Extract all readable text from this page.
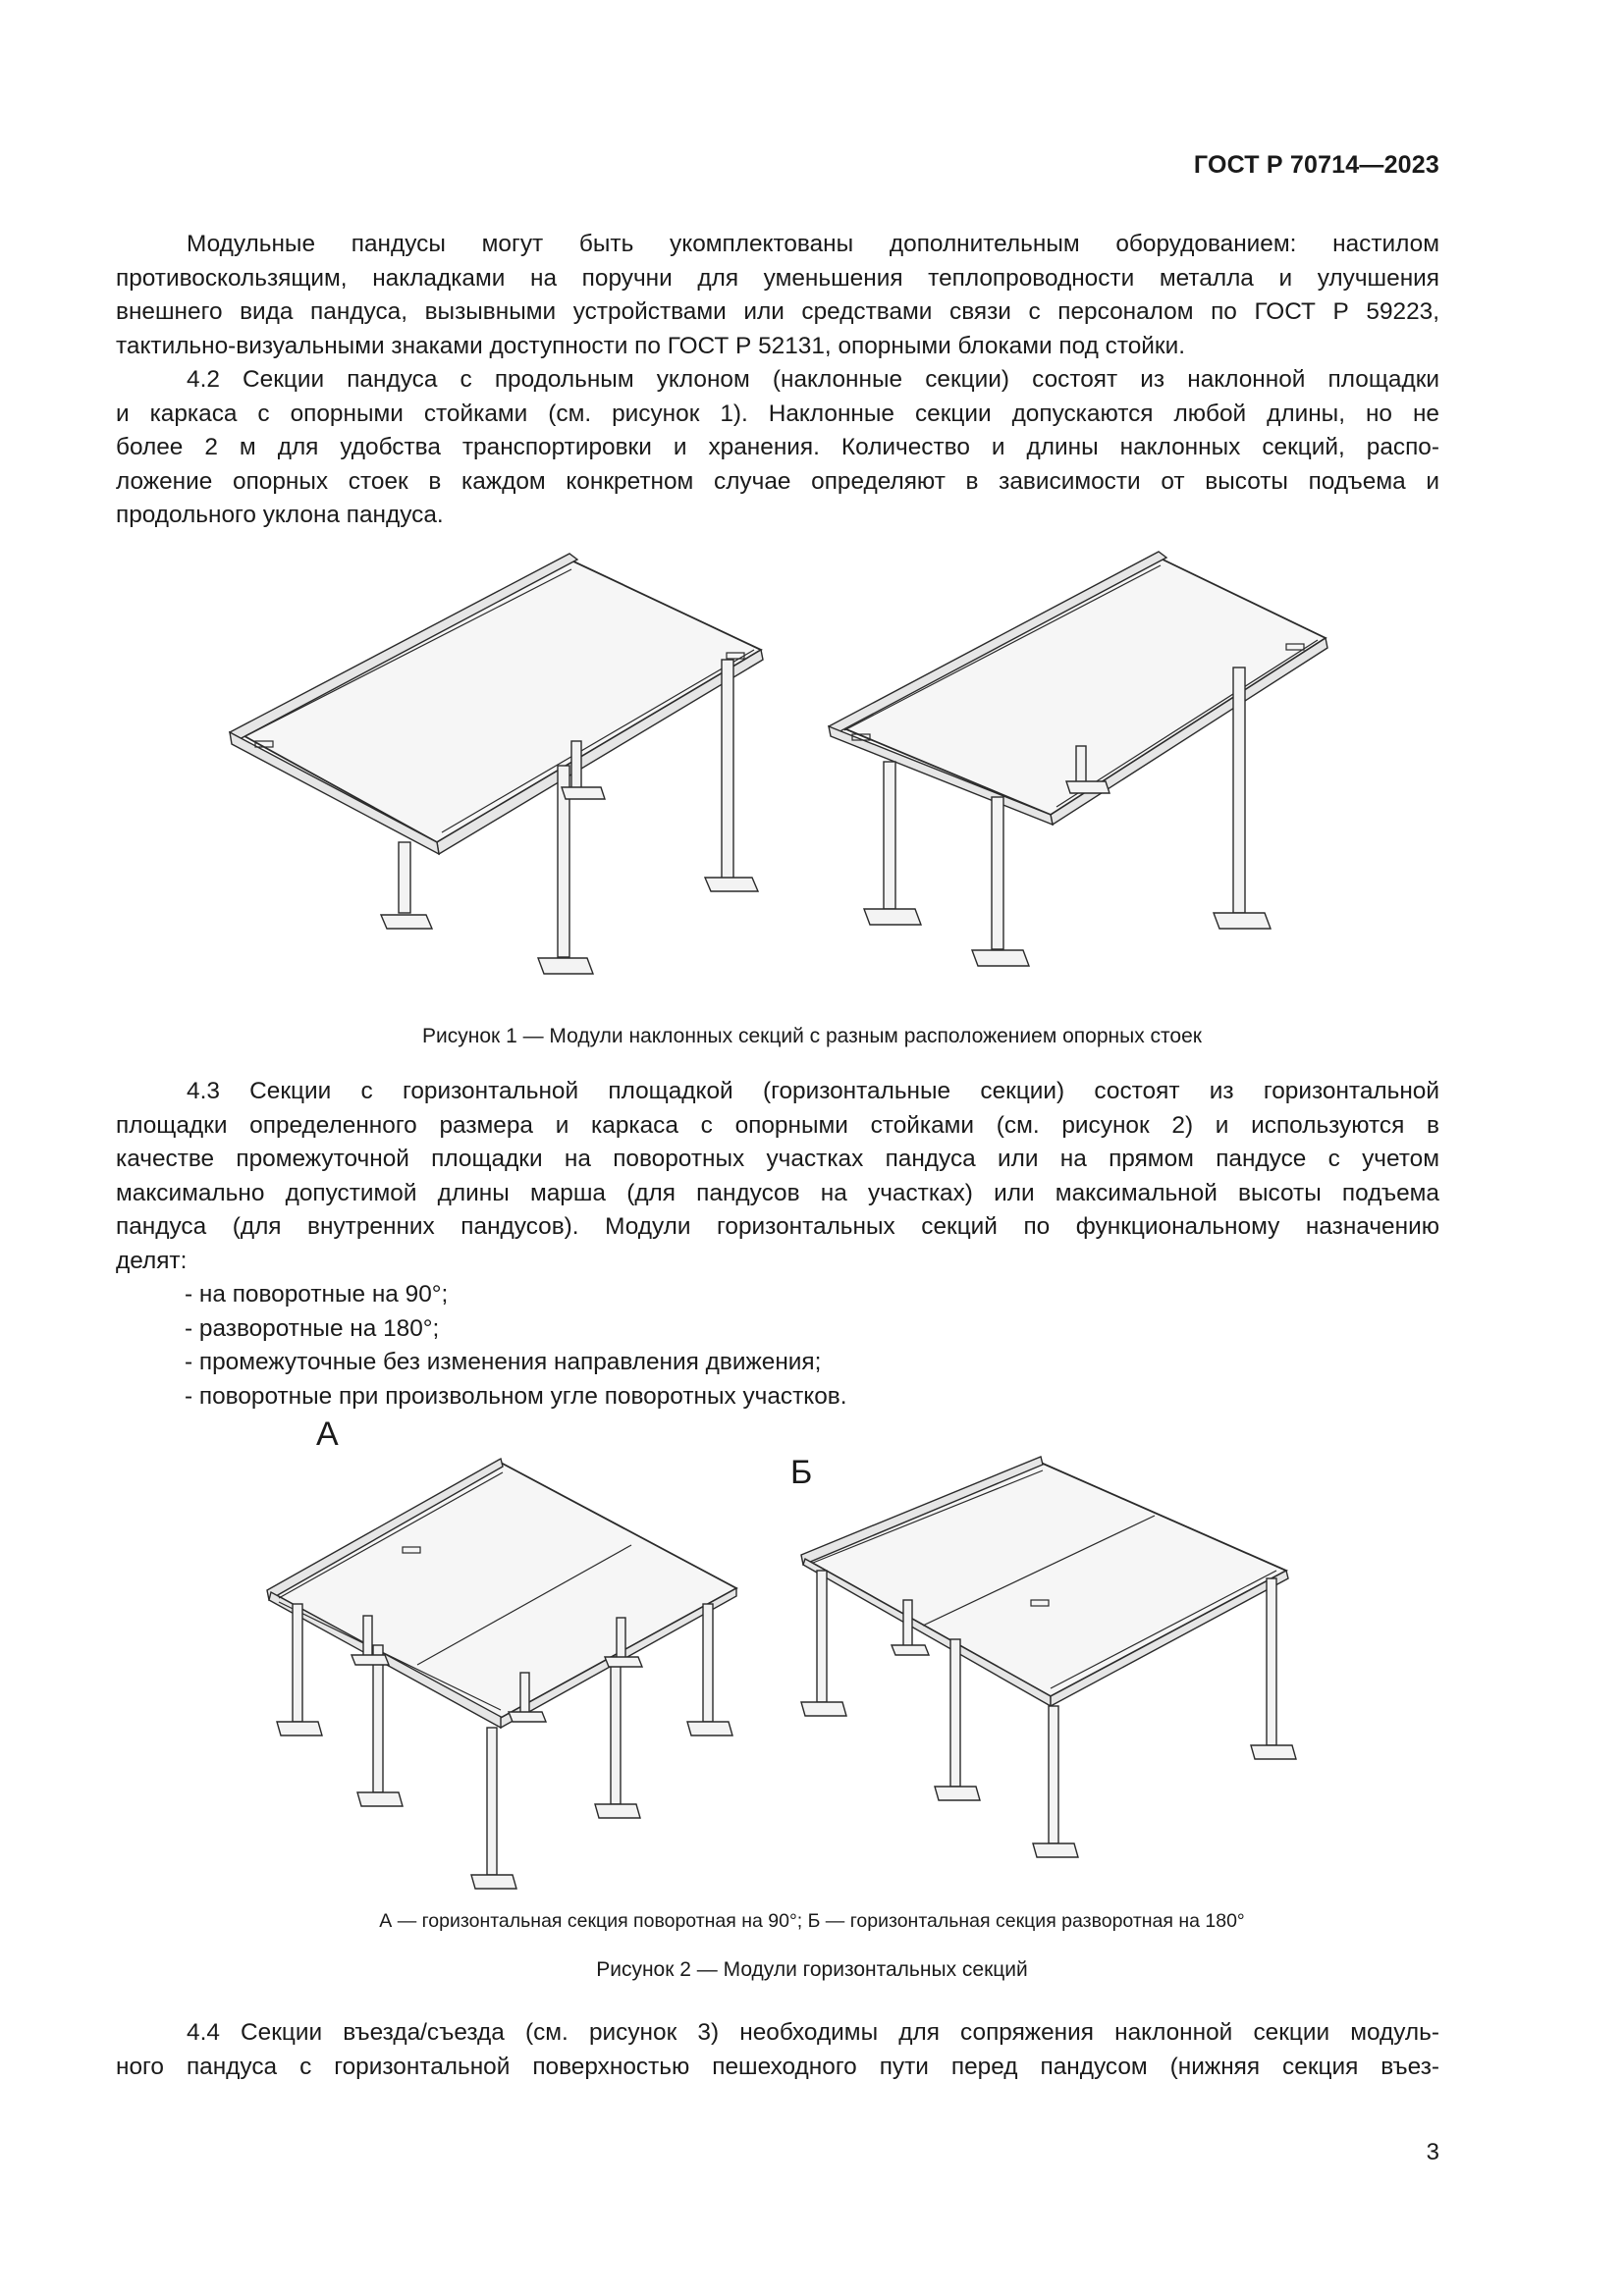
ГОСТ Р 70714—2023
Модульные пандусы могут быть укомплектованы дополнительным оборудованием: настилом
противоскользящим, накладками на поручни для уменьшения теплопроводности металла и улучшения
внешнего вида пандуса, вызывными устройствами или средствами связи с персоналом по ГОСТ Р 59223,
тактильно-визуальными знаками доступности по ГОСТ Р 52131, опорными блоками под стойки.
4.2 Секции пандуса с продольным уклоном (наклонные секции) состоят из наклонной площадки
и каркаса с опорными стойками (см. рисунок 1). Наклонные секции допускаются любой длины, но не
более 2 м для удобства транспортировки и хранения. Количество и длины наклонных секций, распо-
ложение опорных стоек в каждом конкретном случае определяют в зависимости от высоты подъема и
продольного уклона пандуса.
Рисунок 1 — Модули наклонных секций с разным расположением опорных стоек
4.3 Секции с горизонтальной площадкой (горизонтальные секции) состоят из горизонтальной
площадки определенного размера и каркаса с опорными стойками (см. рисунок 2) и используются в
качестве промежуточной площадки на поворотных участках пандуса или на прямом пандусе с учетом
максимально допустимой длины марша (для пандусов на участках) или максимальной высоты подъема
пандуса (для внутренних пандусов). Модули горизонтальных секций по функциональному назначению
делят:
- на поворотные на 90°;
- разворотные на 180°;
- промежуточные без изменения направления движения;
- поворотные при произвольном угле поворотных участков.
А
Б
А — горизонтальная секция поворотная на 90°; Б — горизонтальная секция разворотная на 180°
Рисунок 2 — Модули горизонтальных секций
4.4 Секции въезда/съезда (см. рисунок 3) необходимы для сопряжения наклонной секции модуль-
ного пандуса с горизонтальной поверхностью пешеходного пути перед пандусом (нижняя секция въез-
3
